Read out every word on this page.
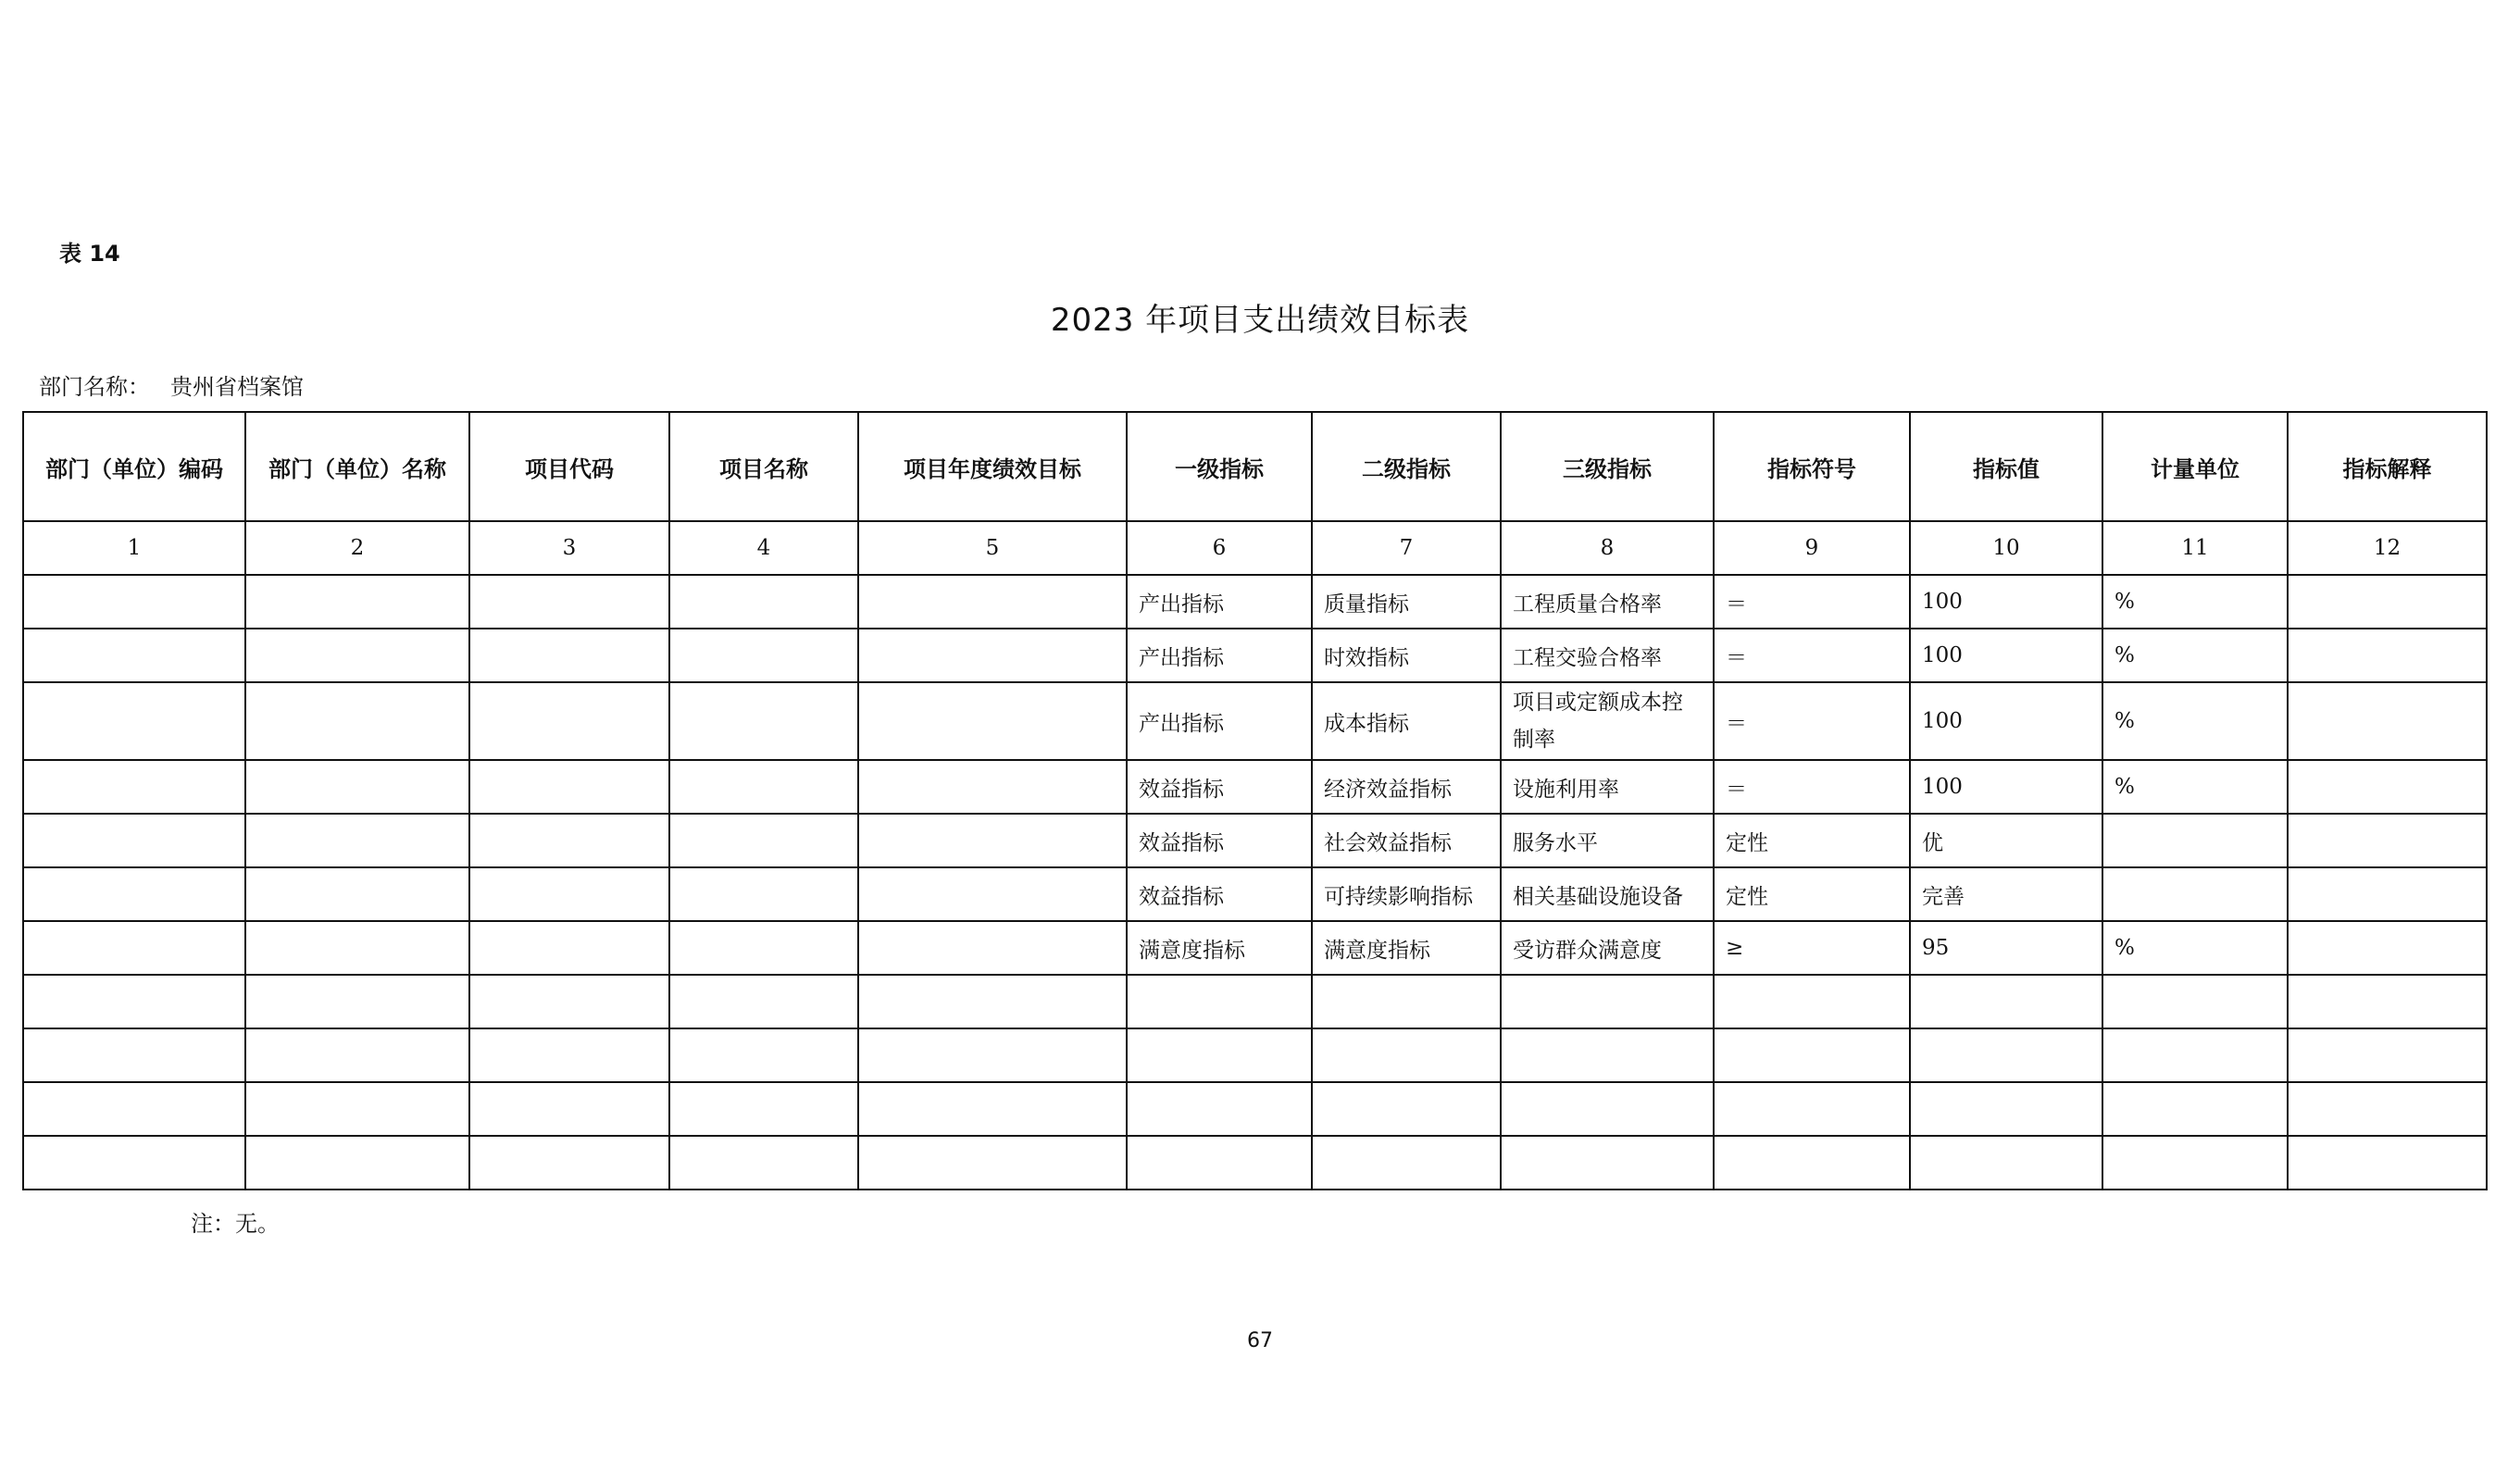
表 14
2023 年项目支出绩效目标表
部门名称： 贵州省档案馆
部门（单位）编码	部门（单位）名称	项目代码	项目名称	项目年度绩效目标	一级指标	二级指标	三级指标	指标符号	指标值	计量单位	指标解释
1	2	3	4	5	6	7	8	9	10	11	12
					产出指标	质量指标	工程质量合格率	＝	100	%	
					产出指标	时效指标	工程交验合格率	＝	100	%	
					产出指标	成本指标	项目或定额成本控制率	＝	100	%	
					效益指标	经济效益指标	设施利用率	＝	100	%	
					效益指标	社会效益指标	服务水平	定性	优		
					效益指标	可持续影响指标	相关基础设施设备	定性	完善		
					满意度指标	满意度指标	受访群众满意度	≥	95	%	

注：无。
67
